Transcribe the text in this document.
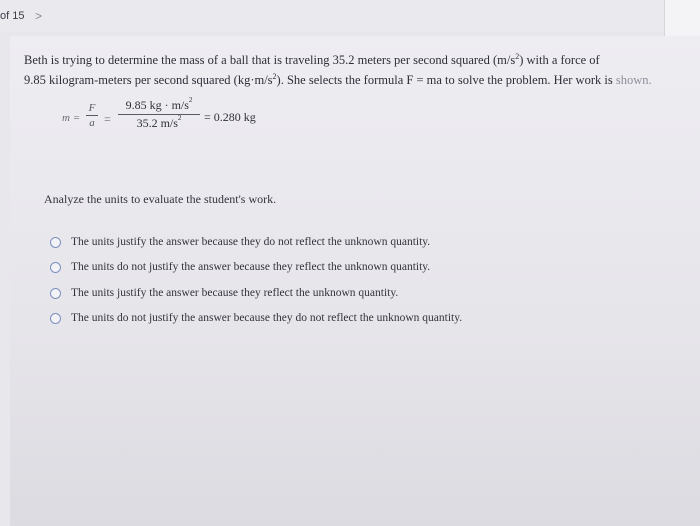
of 15 >
Beth is trying to determine the mass of a ball that is traveling 35.2 meters per second squared $(m/s^2)$ with a force of
9.85 kilogram-meters per second squared $(kg\cdot m/s^2)$. She selects the formula F = ma to solve the problem. Her work is shown.
m =
F
a =
9.85 kg · $m/s^2$
35.2 $m/s^2$	= 0.280 kg
Analyze the units to evaluate the student's work.
The units justify the answer because they do not reflect the unknown quantity.
The units do not justify the answer because they reflect the unknown quantity.
The units justify the answer because they reflect the unknown quantity.
The units do not justify the answer because they do not reflect the unknown quantity.
